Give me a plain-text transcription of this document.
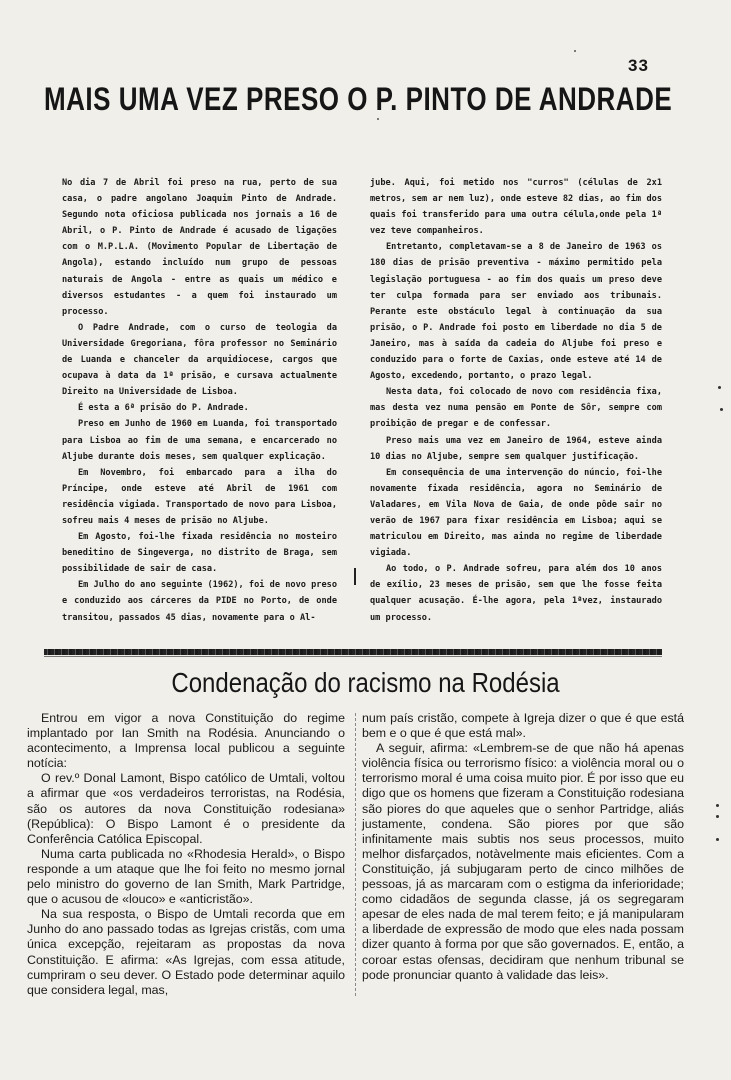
33
MAIS UMA VEZ PRESO O P. PINTO DE ANDRADE

No dia 7 de Abril foi preso na rua, perto de sua casa, o padre angolano Joaquim Pinto de Andrade. Segundo nota oficiosa publicada nos jornais a 16 de Abril, o P. Pinto de Andrade é acusado de ligações com o M.P.L.A. (Movimento Popular de Libertação de Angola), estando incluído num grupo de pessoas naturais de Angola - entre as quais um médico e diversos estudantes - a quem foi instaurado um processo.

O Padre Andrade, com o curso de teologia da Universidade Gregoriana, fôra professor no Seminário de Luanda e chanceler da arquidiocese, cargos que ocupava à data da 1ª prisão, e cursava actualmente Direito na Universidade de Lisboa.

É esta a 6ª prisão do P. Andrade.

Preso em Junho de 1960 em Luanda, foi transportado para Lisboa ao fim de uma semana, e encarcerado no Aljube durante dois meses, sem qualquer explicação.

Em Novembro, foi embarcado para a ilha do Príncipe, onde esteve até Abril de 1961 com residência vigiada. Transportado de novo para Lisboa, sofreu mais 4 meses de prisão no Aljube.

Em Agosto, foi-lhe fixada residência no mosteiro beneditino de Singeverga, no distrito de Braga, sem possibilidade de sair de casa.

Em Julho do ano seguinte (1962), foi de novo preso e conduzido aos cárceres da PIDE no Porto, de onde transitou, passados 45 dias, novamente para o Al-

jube. Aqui, foi metido nos "curros" (células de 2x1 metros, sem ar nem luz), onde esteve 82 dias, ao fim dos quais foi transferido para uma outra célula,onde pela 1ª vez teve companheiros.

Entretanto, completavam-se a 8 de Janeiro de 1963 os 180 dias de prisão preventiva - máximo permitido pela legislação portuguesa - ao fim dos quais um preso deve ter culpa formada para ser enviado aos tribunais. Perante este obstáculo legal à continuação da sua prisão, o P. Andrade foi posto em liberdade no dia 5 de Janeiro, mas à saída da cadeia do Aljube foi preso e conduzido para o forte de Caxias, onde esteve até 14 de Agosto, excedendo, portanto, o prazo legal.

Nesta data, foi colocado de novo com residência fixa, mas desta vez numa pensão em Ponte de Sôr, sempre com proibição de pregar e de confessar.

Preso mais uma vez em Janeiro de 1964, esteve ainda 10 dias no Aljube, sempre sem qualquer justificação.

Em consequência de uma intervenção do núncio, foi-lhe novamente fixada residência, agora no Seminário de Valadares, em Vila Nova de Gaia, de onde pôde sair no verão de 1967 para fixar residência em Lisboa; aqui se matriculou em Direito, mas ainda no regime de liberdade vigiada.

Ao todo, o P. Andrade sofreu, para além dos 10 anos de exílio, 23 meses de prisão, sem que lhe fosse feita qualquer acusação. É-lhe agora, pela 1ªvez, instaurado um processo.

Condenação do racismo na Rodésia

Entrou em vigor a nova Constituição do regime implantado por Ian Smith na Rodésia. Anunciando o acontecimento, a Imprensa local publicou a seguinte notícia:

O rev.º Donal Lamont, Bispo católico de Umtali, voltou a afirmar que «os verdadeiros terroristas, na Rodésia, são os autores da nova Constituição rodesiana» (República): O Bispo Lamont é o presidente da Conferência Católica Episcopal.

Numa carta publicada no «Rhodesia Herald», o Bispo responde a um ataque que lhe foi feito no mesmo jornal pelo ministro do governo de Ian Smith, Mark Partridge, que o acusou de «louco» e «anticristão».

Na sua resposta, o Bispo de Umtali recorda que em Junho do ano passado todas as Igrejas cristãs, com uma única excepção, rejeitaram as propostas da nova Constituição. E afirma: «As Igrejas, com essa atitude, cumpriram o seu dever. O Estado pode determinar aquilo que considera legal, mas,

num país cristão, compete à Igreja dizer o que é que está bem e o que é que está mal».

A seguir, afirma: «Lembrem-se de que não há apenas violência física ou terrorismo físico: a violência moral ou o terrorismo moral é uma coisa muito pior. É por isso que eu digo que os homens que fizeram a Constituição rodesiana são piores do que aqueles que o senhor Partridge, aliás justamente, condena. São piores por que são infinitamente mais subtis nos seus processos, muito melhor disfarçados, notàvelmente mais eficientes. Com a Constituição, já subjugaram perto de cinco milhões de pessoas, já as marcaram com o estigma da inferioridade; como cidadãos de segunda classe, já os segregaram apesar de eles nada de mal terem feito; e já manipularam a liberdade de expressão de modo que eles nada possam dizer quanto à forma por que são governados. E, então, a coroar estas ofensas, decidiram que nenhum tribunal se pode pronunciar quanto à validade das leis».
